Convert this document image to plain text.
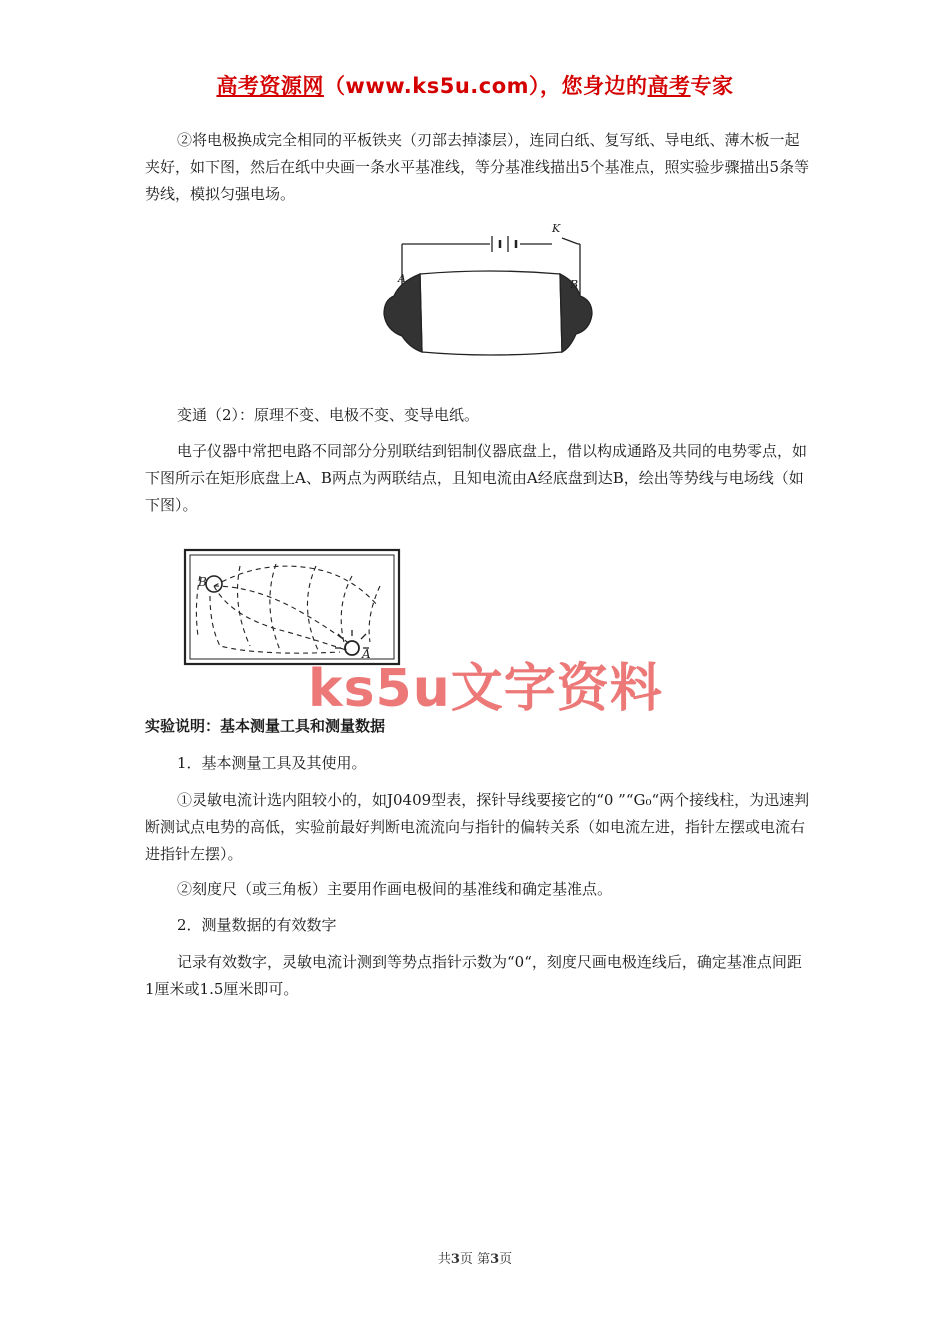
高考资源网（www.ks5u.com），您身边的高考专家

②将电极换成完全相同的平板铁夹（刃部去掉漆层），连同白纸、复写纸、导电纸、薄木板一起夹好，如下图，然后在纸中央画一条水平基准线，等分基准线描出5个基准点，照实验步骤描出5条等势线，模拟匀强电场。

K
A	B

变通（2）：原理不变、电极不变、变导电纸。

电子仪器中常把电路不同部分分别联结到铝制仪器底盘上，借以构成通路及共同的电势零点，如下图所示在矩形底盘上A、B两点为两联结点，且知电流由A经底盘到达B，绘出等势线与电场线（如下图）。

B
A
ks5u文字资料

实验说明：基本测量工具和测量数据

1．基本测量工具及其使用。

①灵敏电流计选内阻较小的，如J0409型表，探针导线要接它的“0 ”“G₀“两个接线柱，为迅速判断测试点电势的高低，实验前最好判断电流流向与指针的偏转关系（如电流左进，指针左摆或电流右进指针左摆）。

②刻度尺（或三角板）主要用作画电极间的基准线和确定基准点。

2．测量数据的有效数字

记录有效数字，灵敏电流计测到等势点指针示数为“0“，刻度尺画电极连线后，确定基准点间距1厘米或1.5厘米即可。

共3页 第3页
